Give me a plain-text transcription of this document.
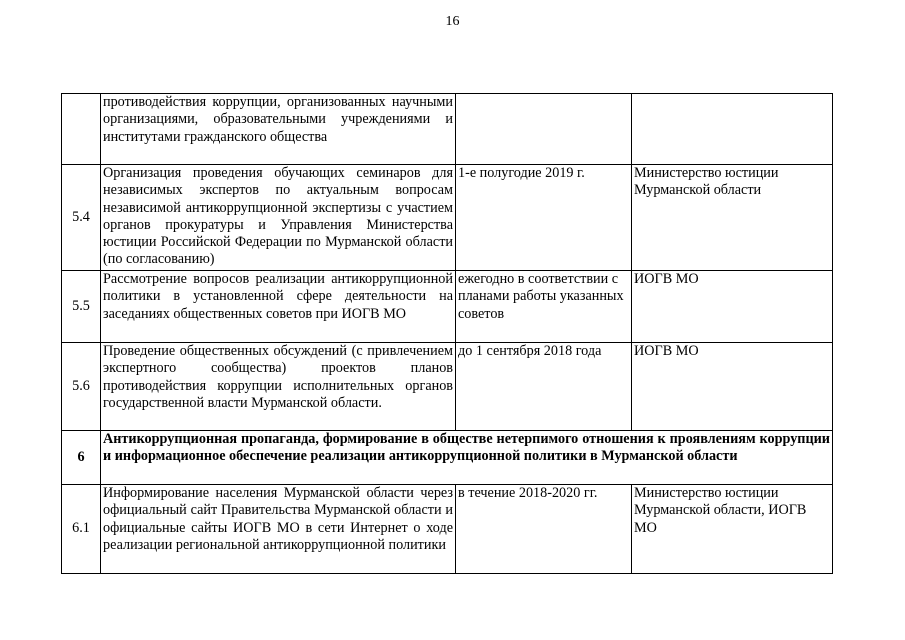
16
	противодействия коррупции, организованных научными организациями, образовательными учреждениями и институтами гражданского общества		
5.4	Организация проведения обучающих семинаров для независимых экспертов по актуальным вопросам независимой антикоррупционной экспертизы с участием органов прокуратуры и Управления Министерства юстиции Российской Федерации по Мурманской области (по согласованию)	1-е полугодие 2019 г.	Министерство юстиции Мурманской области
5.5	Рассмотрение вопросов реализации антикоррупционной политики в установленной сфере деятельности на заседаниях общественных советов при ИОГВ МО	ежегодно в соответствии с планами работы указанных советов	ИОГВ МО
5.6	Проведение общественных обсуждений (с привлечением экспертного сообщества) проектов планов противодействия коррупции исполнительных органов государственной власти Мурманской области.	до 1 сентября 2018 года	ИОГВ МО
6	Антикоррупционная пропаганда, формирование в обществе нетерпимого отношения к проявлениям коррупции и информационное обеспечение реализации антикоррупционной политики в Мурманской области		
6.1	Информирование населения Мурманской области через официальный сайт Правительства Мурманской области и официальные сайты ИОГВ МО в сети Интернет о ходе реализации региональной антикоррупционной политики	в течение 2018-2020 гг.	Министерство юстиции Мурманской области, ИОГВ МО
